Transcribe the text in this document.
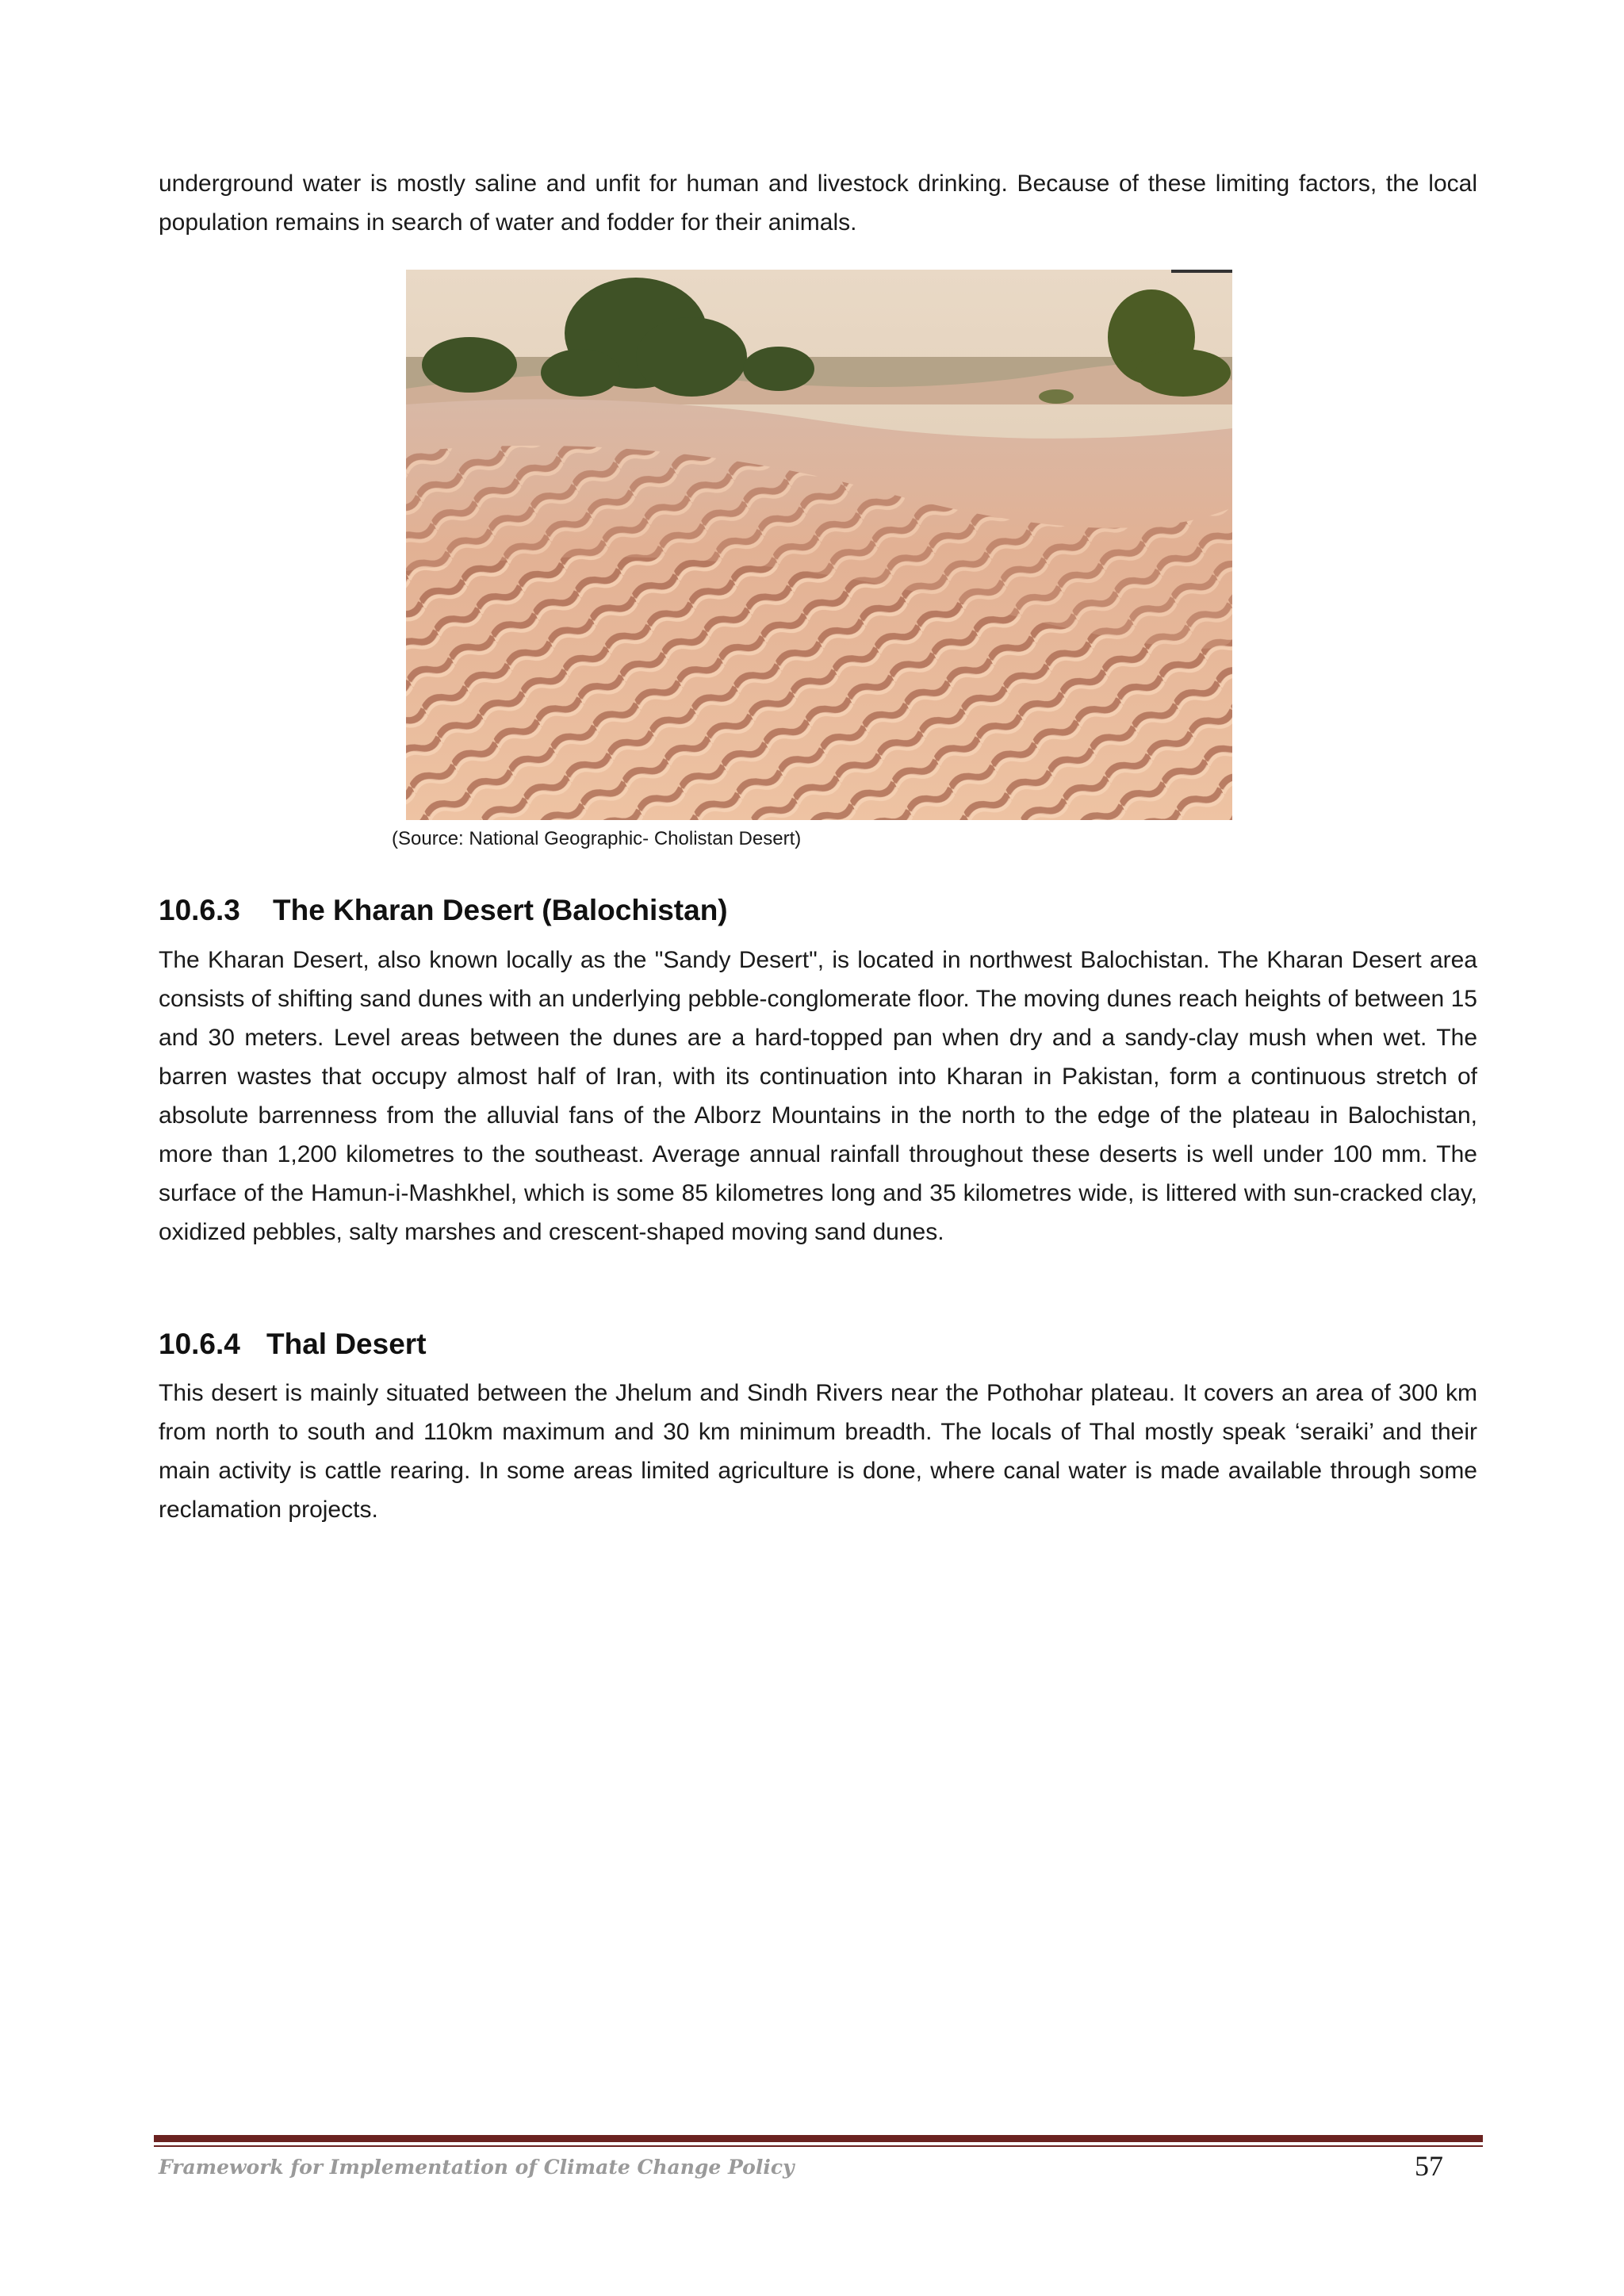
underground water is mostly saline and unfit for human and livestock drinking. Because of these limiting factors, the local population remains in search of water and fodder for their animals.

(Source: National Geographic- Cholistan Desert)
10.6.3 The Kharan Desert (Balochistan)

The Kharan Desert, also known locally as the "Sandy Desert", is located in northwest Balochistan. The Kharan Desert area consists of shifting sand dunes with an underlying pebble-conglomerate floor. The moving dunes reach heights of between 15 and 30 meters. Level areas between the dunes are a hard-topped pan when dry and a sandy-clay mush when wet. The barren wastes that occupy almost half of Iran, with its continuation into Kharan in Pakistan, form a continuous stretch of absolute barrenness from the alluvial fans of the Alborz Mountains in the north to the edge of the plateau in Balochistan, more than 1,200 kilometres to the southeast. Average annual rainfall throughout these deserts is well under 100 mm. The surface of the Hamun-i-Mashkhel, which is some 85 kilometres long and 35 kilometres wide, is littered with sun-cracked clay, oxidized pebbles, salty marshes and crescent-shaped moving sand dunes.

10.6.4 Thal Desert

This desert is mainly situated between the Jhelum and Sindh Rivers near the Pothohar plateau. It covers an area of 300 km from north to south and 110km maximum and 30 km minimum breadth. The locals of Thal mostly speak ‘seraiki’ and their main activity is cattle rearing. In some areas limited agriculture is done, where canal water is made available through some reclamation projects.

Framework for Implementation of Climate Change Policy	57
